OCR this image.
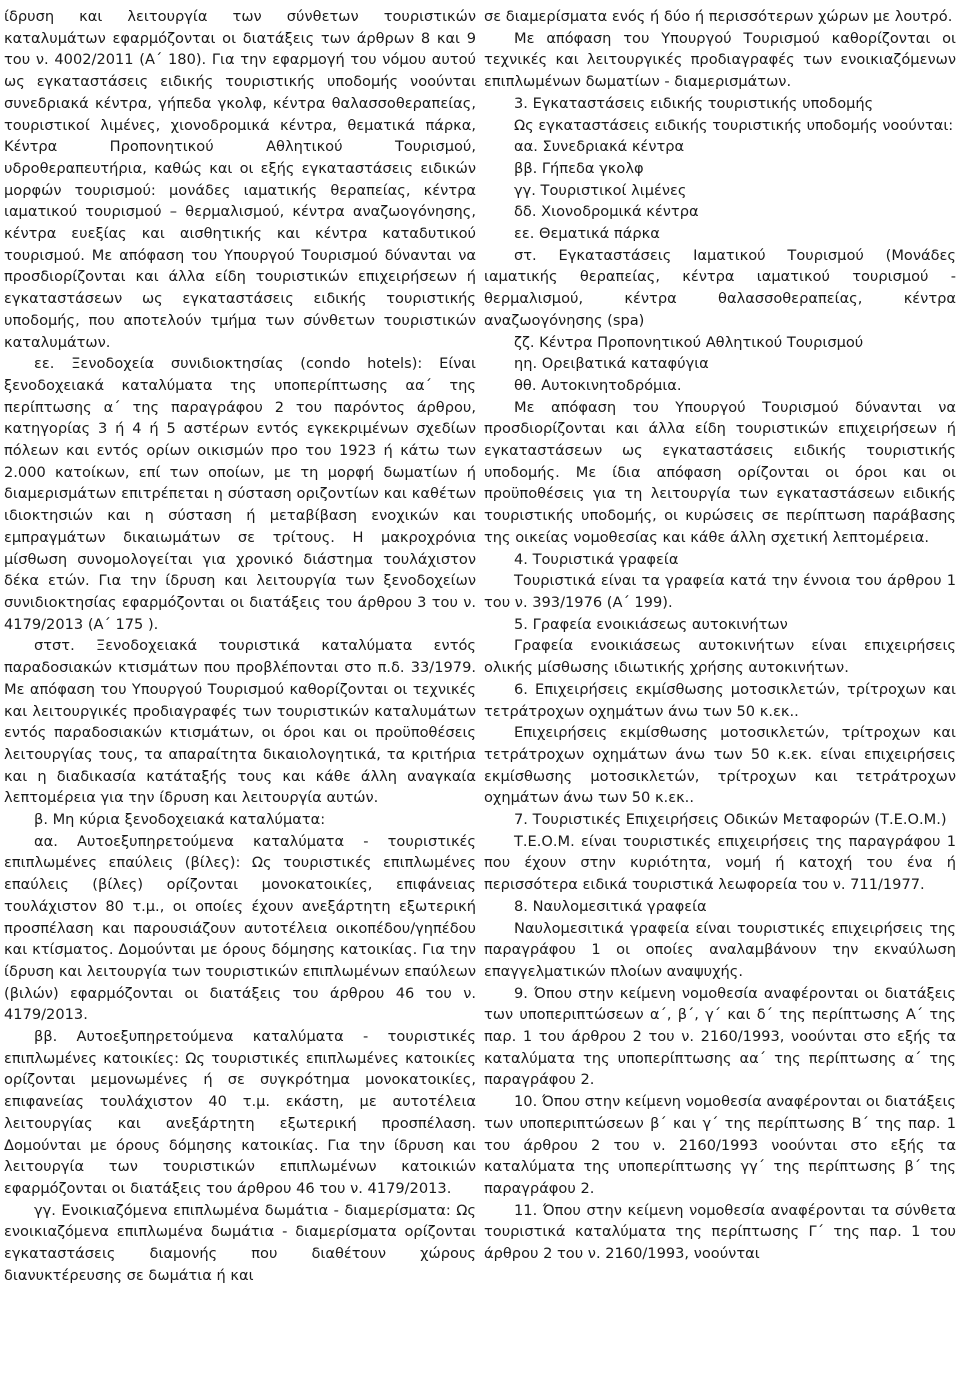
ίδρυση και λειτουργία των σύνθετων τουριστικών καταλυμάτων εφαρμόζονται οι διατάξεις των άρθρων 8 και 9 του ν. 4002/2011 (Α΄ 180). Για την εφαρμογή του νόμου αυτού ως εγκαταστάσεις ειδικής τουριστικής υποδομής νοούνται συνεδριακά κέντρα, γήπεδα γκολφ, κέντρα θαλασσοθεραπείας, τουριστικοί λιμένες, χιονοδρομικά κέντρα, θεματικά πάρκα, Κέντρα Προπονητικού Αθλητικού Τουρισμού, υδροθεραπευτήρια, καθώς και οι εξής εγκαταστάσεις ειδικών μορφών τουρισμού: μονάδες ιαματικής θεραπείας, κέντρα ιαματικού τουρισμού – θερμαλισμού, κέντρα αναζωογόνησης, κέντρα ευεξίας και αισθητικής και κέντρα καταδυτικού τουρισμού. Με απόφαση του Υπουργού Τουρισμού δύνανται να προσδιορίζονται και άλλα είδη τουριστικών επιχειρήσεων ή εγκαταστάσεων ως εγκαταστάσεις ειδικής τουριστικής υποδομής, που αποτελούν τμήμα των σύνθετων τουριστικών καταλυμάτων.

εε. Ξενοδοχεία συνιδιοκτησίας (condo hotels): Είναι ξενοδοχειακά καταλύματα της υποπερίπτωσης αα΄ της περίπτωσης α΄ της παραγράφου 2 του παρόντος άρθρου, κατηγορίας 3 ή 4 ή 5 αστέρων εντός εγκεκριμένων σχεδίων πόλεων και εντός ορίων οικισμών προ του 1923 ή κάτω των 2.000 κατοίκων, επί των οποίων, με τη μορφή δωματίων ή διαμερισμάτων επιτρέπεται η σύσταση οριζοντίων και καθέτων ιδιοκτησιών και η σύσταση ή μεταβίβαση ενοχικών και εμπραγμάτων δικαιωμάτων σε τρίτους. Η μακροχρόνια μίσθωση συνομολογείται για χρονικό διάστημα τουλάχιστον δέκα ετών. Για την ίδρυση και λειτουργία των ξενοδοχείων συνιδιοκτησίας εφαρμόζονται οι διατάξεις του άρθρου 3 του ν. 4179/2013 (Α΄ 175 ).

στστ. Ξενοδοχειακά τουριστικά καταλύματα εντός παραδοσιακών κτισμάτων που προβλέπονται στο π.δ. 33/1979. Με απόφαση του Υπουργού Τουρισμού καθορίζονται οι τεχνικές και λειτουργικές προδιαγραφές των τουριστικών καταλυμάτων εντός παραδοσιακών κτισμάτων, οι όροι και οι προϋποθέσεις λειτουργίας τους, τα απαραίτητα δικαιολογητικά, τα κριτήρια και η διαδικασία κατάταξής τους και κάθε άλλη αναγκαία λεπτομέρεια για την ίδρυση και λειτουργία αυτών.

β. Μη κύρια ξενοδοχειακά καταλύματα:

αα. Αυτοεξυπηρετούμενα καταλύματα - τουριστικές επιπλωμένες επαύλεις (βίλες): Ως τουριστικές επιπλωμένες επαύλεις (βίλες) ορίζονται μονοκατοικίες, επιφάνειας τουλάχιστον 80 τ.μ., οι οποίες έχουν ανεξάρτητη εξωτερική προσπέλαση και παρουσιάζουν αυτοτέλεια οικοπέδου/γηπέδου και κτίσματος. Δομούνται με όρους δόμησης κατοικίας. Για την ίδρυση και λειτουργία των τουριστικών επιπλωμένων επαύλεων (βιλών) εφαρμόζονται οι διατάξεις του άρθρου 46 του ν. 4179/2013.

ββ. Αυτοεξυπηρετούμενα καταλύματα - τουριστικές επιπλωμένες κατοικίες: Ως τουριστικές επιπλωμένες κατοικίες ορίζονται μεμονωμένες ή σε συγκρότημα μονοκατοικίες, επιφανείας τουλάχιστον 40 τ.μ. εκάστη, με αυτοτέλεια λειτουργίας και ανεξάρτητη εξωτερική προσπέλαση. Δομούνται με όρους δόμησης κατοικίας. Για την ίδρυση και λειτουργία των τουριστικών επιπλωμένων κατοικιών εφαρμόζονται οι διατάξεις του άρθρου 46 του ν. 4179/2013.

γγ. Ενοικιαζόμενα επιπλωμένα δωμάτια - διαμερίσματα: Ως ενοικιαζόμενα επιπλωμένα δωμάτια - διαμερίσματα ορίζονται εγκαταστάσεις διαμονής που διαθέτουν χώρους διανυκτέρευσης σε δωμάτια ή και

σε διαμερίσματα ενός ή δύο ή περισσότερων χώρων με λουτρό.

Με απόφαση του Υπουργού Τουρισμού καθορίζονται οι τεχνικές και λειτουργικές προδιαγραφές των ενοικιαζόμενων επιπλωμένων δωματίων - διαμερισμάτων.

3. Εγκαταστάσεις ειδικής τουριστικής υποδομής

Ως εγκαταστάσεις ειδικής τουριστικής υποδομής νοούνται:

αα. Συνεδριακά κέντρα

ββ. Γήπεδα γκολφ

γγ. Τουριστικοί λιμένες

δδ. Χιονοδρομικά κέντρα

εε. Θεματικά πάρκα

στ. Εγκαταστάσεις Ιαματικού Τουρισμού (Μονάδες ιαματικής θεραπείας, κέντρα ιαματικού τουρισμού - θερμαλισμού, κέντρα θαλασσοθεραπείας, κέντρα αναζωογόνησης (spa)

ζζ. Κέντρα Προπονητικού Αθλητικού Τουρισμού

ηη. Ορειβατικά καταφύγια

θθ. Αυτοκινητοδρόμια.

Με απόφαση του Υπουργού Τουρισμού δύνανται να προσδιορίζονται και άλλα είδη τουριστικών επιχειρήσεων ή εγκαταστάσεων ως εγκαταστάσεις ειδικής τουριστικής υποδομής. Με ίδια απόφαση ορίζονται οι όροι και οι προϋποθέσεις για τη λειτουργία των εγκαταστάσεων ειδικής τουριστικής υποδομής, οι κυρώσεις σε περίπτωση παράβασης της οικείας νομοθεσίας και κάθε άλλη σχετική λεπτομέρεια.

4. Τουριστικά γραφεία

Τουριστικά είναι τα γραφεία κατά την έννοια του άρθρου 1 του ν. 393/1976 (Α΄ 199).

5. Γραφεία ενοικιάσεως αυτοκινήτων

Γραφεία ενοικιάσεως αυτοκινήτων είναι επιχειρήσεις ολικής μίσθωσης ιδιωτικής χρήσης αυτοκινήτων.

6. Επιχειρήσεις εκμίσθωσης μοτοσικλετών, τρίτροχων και τετράτροχων οχημάτων άνω των 50 κ.εκ..

Επιχειρήσεις εκμίσθωσης μοτοσικλετών, τρίτροχων και τετράτροχων οχημάτων άνω των 50 κ.εκ. είναι επιχειρήσεις εκμίσθωσης μοτοσικλετών, τρίτροχων και τετράτροχων οχημάτων άνω των 50 κ.εκ..

7. Τουριστικές Επιχειρήσεις Οδικών Μεταφορών (Τ.Ε.Ο.Μ.)

Τ.Ε.Ο.Μ. είναι τουριστικές επιχειρήσεις της παραγράφου 1 που έχουν στην κυριότητα, νομή ή κατοχή του ένα ή περισσότερα ειδικά τουριστικά λεωφορεία του ν. 711/1977.

8. Ναυλομεσιτικά γραφεία

Ναυλομεσιτικά γραφεία είναι τουριστικές επιχειρήσεις της παραγράφου 1 οι οποίες αναλαμβάνουν την εκναύλωση επαγγελματικών πλοίων αναψυχής.

9. Όπου στην κείμενη νομοθεσία αναφέρονται οι διατάξεις των υποπεριπτώσεων α΄, β΄, γ΄ και δ΄ της περίπτωσης Α΄ της παρ. 1 του άρθρου 2 του ν. 2160/1993, νοούνται στο εξής τα καταλύματα της υποπερίπτωσης αα΄ της περίπτωσης α΄ της παραγράφου 2.

10. Όπου στην κείμενη νομοθεσία αναφέρονται οι διατάξεις των υποπεριπτώσεων β΄ και γ΄ της περίπτωσης Β΄ της παρ. 1 του άρθρου 2 του ν. 2160/1993 νοούνται στο εξής τα καταλύματα της υποπερίπτωσης γγ΄ της περίπτωσης β΄ της παραγράφου 2.

11. Όπου στην κείμενη νομοθεσία αναφέρονται τα σύνθετα τουριστικά καταλύματα της περίπτωσης Γ΄ της παρ. 1 του άρθρου 2 του ν. 2160/1993, νοούνται
